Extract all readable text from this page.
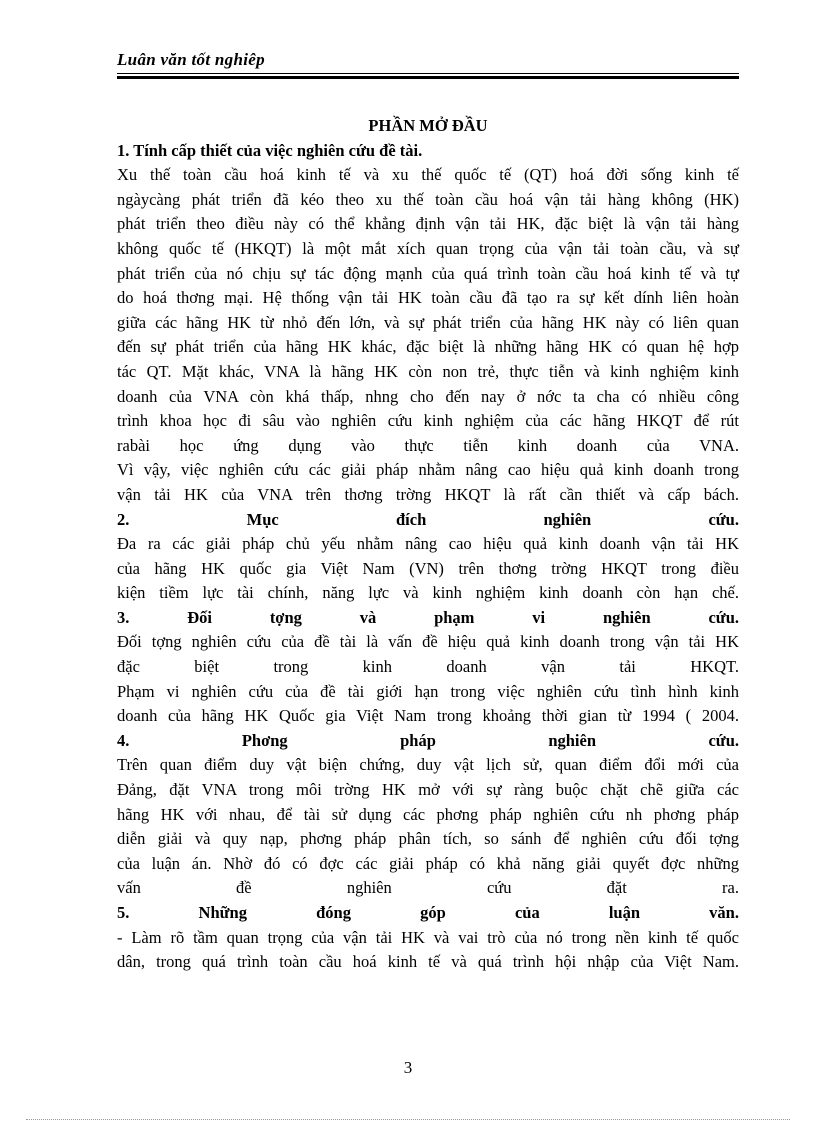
Luân văn tốt nghiêp
PHẦN MỞ ĐẦU
1. Tính cấp thiết của việc nghiên cứu đề tài.
Xu thế toàn cầu hoá kinh tế và xu thế quốc tế (QT) hoá đời sống kinh tế
ngàycàng phát triển đã kéo theo xu thế toàn cầu hoá vận tải hàng không (HK)
phát triển theo điều này có thể khẳng định vận tải HK, đặc biệt là vận tải hàng
không quốc tế (HKQT) là một mắt xích quan trọng của vận tải toàn cầu, và sự
phát triển của nó chịu sự tác động mạnh của quá trình toàn cầu hoá kinh tế và tự
do hoá thơng mại. Hệ thống vận tải HK toàn cầu đã tạo ra sự kết dính liên hoàn
giữa các hãng HK từ nhỏ đến lớn, và sự phát triển của hãng HK này có liên quan
đến sự phát triển của hãng HK khác, đặc biệt là những hãng HK có quan hệ hợp
tác QT. Mặt khác, VNA là hãng HK còn non trẻ, thực tiễn và kinh nghiệm kinh
doanh của VNA còn khá thấp, nhng cho đến nay ở nớc ta cha có nhiều công
trình khoa học đi sâu vào nghiên cứu kinh nghiệm của các hãng HKQT để rút
rabài học ứng dụng vào thực tiễn kinh doanh của VNA.
Vì vậy, việc nghiên cứu các giải pháp nhằm nâng cao hiệu quả kinh doanh trong
vận tải HK của VNA trên thơng trờng HKQT là rất cần thiết và cấp bách.
2. Mục đích nghiên cứu.
Đa ra các giải pháp chủ yếu nhằm nâng cao hiệu quả kinh doanh vận tải HK
của hãng HK quốc gia Việt Nam (VN) trên thơng trờng HKQT trong điều
kiện tiềm lực tài chính, năng lực và kinh nghiệm kinh doanh còn hạn chế.
3. Đối tợng và phạm vi nghiên cứu.
Đối tợng nghiên cứu của đề tài là vấn đề hiệu quả kinh doanh trong vận tải HK
đặc biệt trong kinh doanh vận tải HKQT.
Phạm vi nghiên cứu của đề tài giới hạn trong việc nghiên cứu tình hình kinh
doanh của hãng HK Quốc gia Việt Nam trong khoảng thời gian từ 1994 ( 2004.
4. Phơng pháp nghiên cứu.
Trên quan điểm duy vật biện chứng, duy vật lịch sử, quan điểm đổi mới của
Đảng, đặt VNA trong môi trờng HK mở với sự ràng buộc chặt chẽ giữa các
hãng HK với nhau, để tài sử dụng các phơng pháp nghiên cứu nh phơng pháp
diễn giải và quy nạp, phơng pháp phân tích, so sánh để nghiên cứu đối tợng
của luận án. Nhờ đó có đợc các giải pháp có khả năng giải quyết đợc những
vấn đề nghiên cứu đặt ra.
5. Những đóng góp của luận văn.
- Làm rõ tầm quan trọng của vận tải HK và vai trò của nó trong nền kinh tế quốc
dân, trong quá trình toàn cầu hoá kinh tế và quá trình hội nhập của Việt Nam.
3
